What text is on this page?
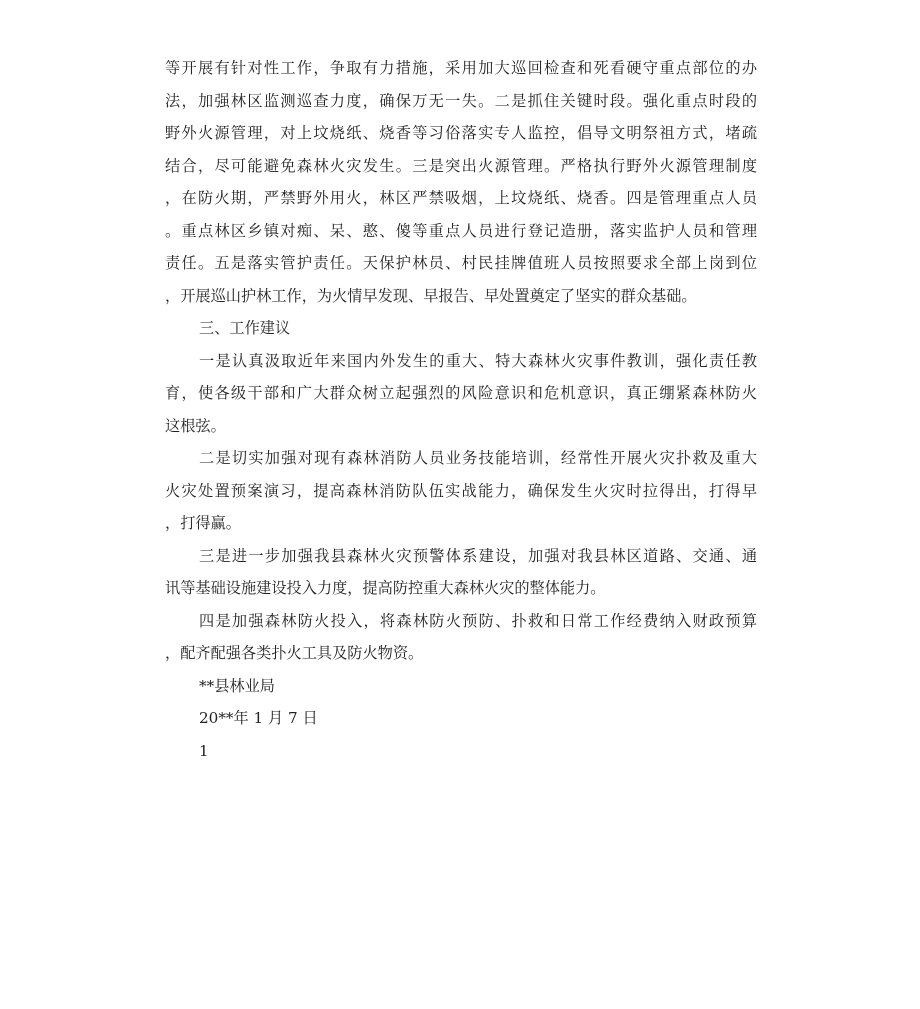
等开展有针对性工作，争取有力措施，采用加大巡回检查和死看硬守重点部位的办
法，加强林区监测巡查力度，确保万无一失。二是抓住关键时段。强化重点时段的
野外火源管理，对上坟烧纸、烧香等习俗落实专人监控，倡导文明祭祖方式，堵疏
结合，尽可能避免森林火灾发生。三是突出火源管理。严格执行野外火源管理制度
，在防火期，严禁野外用火，林区严禁吸烟，上坟烧纸、烧香。四是管理重点人员
。重点林区乡镇对痴、呆、憨、傻等重点人员进行登记造册，落实监护人员和管理
责任。五是落实管护责任。天保护林员、村民挂牌值班人员按照要求全部上岗到位
，开展巡山护林工作，为火情早发现、早报告、早处置奠定了坚实的群众基础。
三、工作建议
一是认真汲取近年来国内外发生的重大、特大森林火灾事件教训，强化责任教
育，使各级干部和广大群众树立起强烈的风险意识和危机意识，真正绷紧森林防火
这根弦。
二是切实加强对现有森林消防人员业务技能培训，经常性开展火灾扑救及重大
火灾处置预案演习，提高森林消防队伍实战能力，确保发生火灾时拉得出，打得早
，打得赢。
三是进一步加强我县森林火灾预警体系建设，加强对我县林区道路、交通、通
讯等基础设施建设投入力度，提高防控重大森林火灾的整体能力。
四是加强森林防火投入，将森林防火预防、扑救和日常工作经费纳入财政预算
，配齐配强各类扑火工具及防火物资。
**县林业局
20**年 1 月 7 日
1
